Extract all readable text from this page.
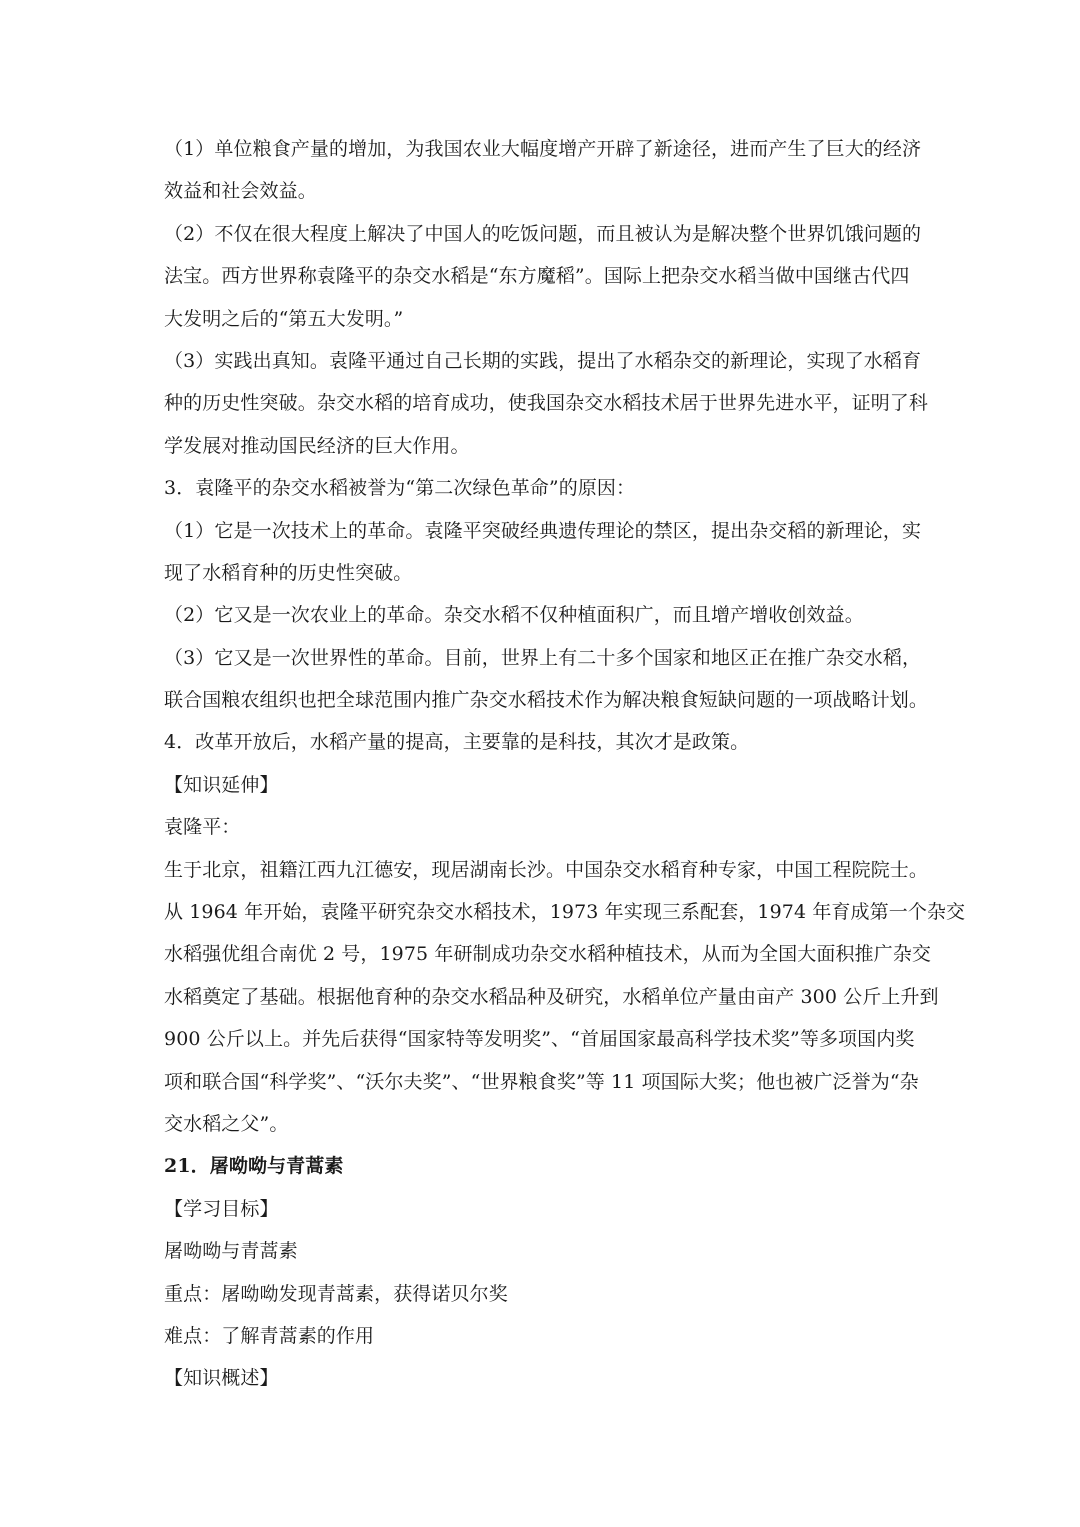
（1）单位粮食产量的增加，为我国农业大幅度增产开辟了新途径，进而产生了巨大的经济
效益和社会效益。
（2）不仅在很大程度上解决了中国人的吃饭问题，而且被认为是解决整个世界饥饿问题的
法宝。西方世界称袁隆平的杂交水稻是“东方魔稻”。国际上把杂交水稻当做中国继古代四
大发明之后的“第五大发明。”
（3）实践出真知。袁隆平通过自己长期的实践，提出了水稻杂交的新理论，实现了水稻育
种的历史性突破。杂交水稻的培育成功，使我国杂交水稻技术居于世界先进水平，证明了科
学发展对推动国民经济的巨大作用。
3．袁隆平的杂交水稻被誉为“第二次绿色革命”的原因：
（1）它是一次技术上的革命。袁隆平突破经典遗传理论的禁区，提出杂交稻的新理论，实
现了水稻育种的历史性突破。
（2）它又是一次农业上的革命。杂交水稻不仅种植面积广，而且增产增收创效益。
（3）它又是一次世界性的革命。目前，世界上有二十多个国家和地区正在推广杂交水稻，
联合国粮农组织也把全球范围内推广杂交水稻技术作为解决粮食短缺问题的一项战略计划。
4．改革开放后，水稻产量的提高，主要靠的是科技，其次才是政策。
【知识延伸】
袁隆平：
生于北京，祖籍江西九江德安，现居湖南长沙。中国杂交水稻育种专家，中国工程院院士。
从 1964 年开始，袁隆平研究杂交水稻技术，1973 年实现三系配套，1974 年育成第一个杂交
水稻强优组合南优 2 号，1975 年研制成功杂交水稻种植技术，从而为全国大面积推广杂交
水稻奠定了基础。根据他育种的杂交水稻品种及研究，水稻单位产量由亩产 300 公斤上升到
900 公斤以上。并先后获得“国家特等发明奖”、“首届国家最高科学技术奖”等多项国内奖
项和联合国“科学奖”、“沃尔夫奖”、“世界粮食奖”等 11 项国际大奖；他也被广泛誉为“杂
交水稻之父”。
21．屠呦呦与青蒿素
【学习目标】
屠呦呦与青蒿素
重点：屠呦呦发现青蒿素，获得诺贝尔奖
难点：了解青蒿素的作用
【知识概述】
